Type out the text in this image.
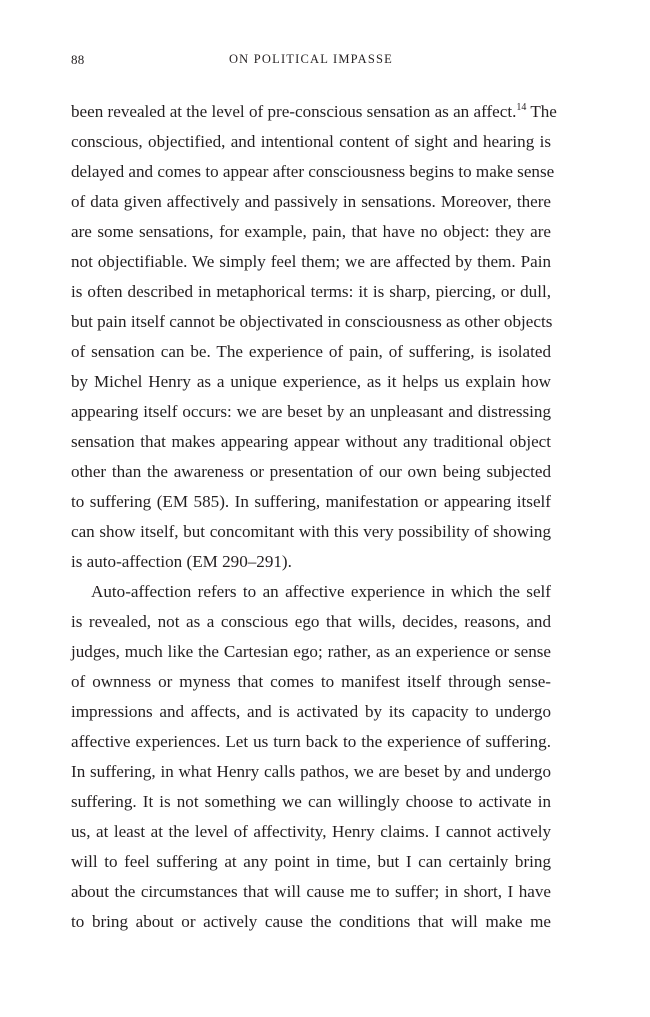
88	ON POLITICAL IMPASSE
been revealed at the level of pre-conscious sensation as an affect.$^{14}$ The
conscious, objectified, and intentional content of sight and hearing is
delayed and comes to appear after consciousness begins to make sense
of data given affectively and passively in sensations. Moreover, there
are some sensations, for example, pain, that have no object: they are
not objectifiable. We simply feel them; we are affected by them. Pain
is often described in metaphorical terms: it is sharp, piercing, or dull,
but pain itself cannot be objectivated in consciousness as other objects
of sensation can be. The experience of pain, of suffering, is isolated
by Michel Henry as a unique experience, as it helps us explain how
appearing itself occurs: we are beset by an unpleasant and distressing
sensation that makes appearing appear without any traditional object
other than the awareness or presentation of our own being subjected
to suffering (EM 585). In suffering, manifestation or appearing itself
can show itself, but concomitant with this very possibility of showing
is auto-affection (EM 290–291).
Auto-affection refers to an affective experience in which the self
is revealed, not as a conscious ego that wills, decides, reasons, and
judges, much like the Cartesian ego; rather, as an experience or sense
of ownness or myness that comes to manifest itself through sense-
impressions and affects, and is activated by its capacity to undergo
affective experiences. Let us turn back to the experience of suffering.
In suffering, in what Henry calls pathos, we are beset by and undergo
suffering. It is not something we can willingly choose to activate in
us, at least at the level of affectivity, Henry claims. I cannot actively
will to feel suffering at any point in time, but I can certainly bring
about the circumstances that will cause me to suffer; in short, I have
to bring about or actively cause the conditions that will make me
